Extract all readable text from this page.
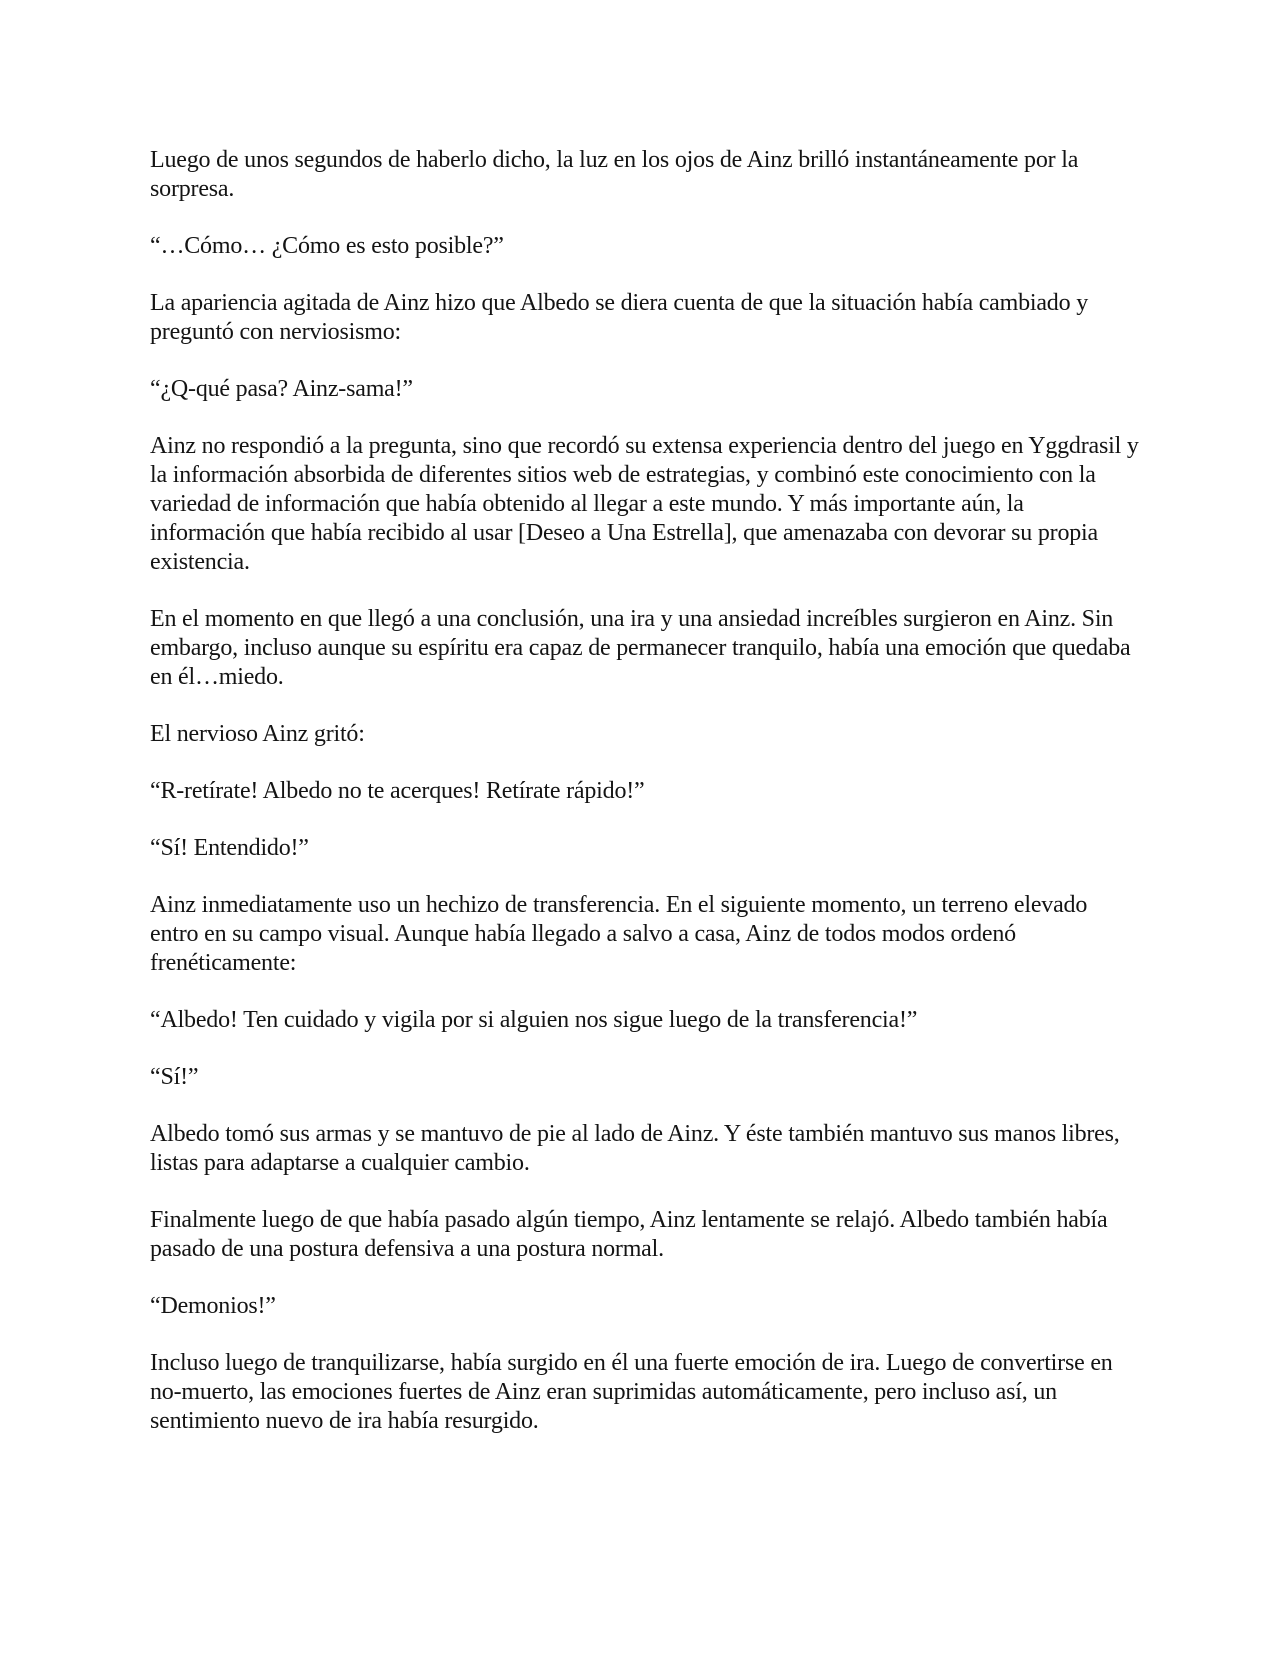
Luego de unos segundos de haberlo dicho, la luz en los ojos de Ainz brilló instantáneamente por la sorpresa.

“…Cómo… ¿Cómo es esto posible?”

La apariencia agitada de Ainz hizo que Albedo se diera cuenta de que la situación había cambiado y preguntó con nerviosismo:

“¿Q-qué pasa? Ainz-sama!”

Ainz no respondió a la pregunta, sino que recordó su extensa experiencia dentro del juego en Yggdrasil y la información absorbida de diferentes sitios web de estrategias, y combinó este conocimiento con la variedad de información que había obtenido al llegar a este mundo. Y más importante aún, la información que había recibido al usar [Deseo a Una Estrella], que amenazaba con devorar su propia existencia.

En el momento en que llegó a una conclusión, una ira y una ansiedad increíbles surgieron en Ainz. Sin embargo, incluso aunque su espíritu era capaz de permanecer tranquilo, había una emoción que quedaba en él…miedo.

El nervioso Ainz gritó:

“R-retírate! Albedo no te acerques! Retírate rápido!”

“Sí! Entendido!”

Ainz inmediatamente uso un hechizo de transferencia. En el siguiente momento, un terreno elevado entro en su campo visual. Aunque había llegado a salvo a casa, Ainz de todos modos ordenó frenéticamente:

“Albedo! Ten cuidado y vigila por si alguien nos sigue luego de la transferencia!”

“Sí!”

Albedo tomó sus armas y se mantuvo de pie al lado de Ainz. Y éste también mantuvo sus manos libres, listas para adaptarse a cualquier cambio.

Finalmente luego de que había pasado algún tiempo, Ainz lentamente se relajó. Albedo también había pasado de una postura defensiva a una postura normal.

“Demonios!”

Incluso luego de tranquilizarse, había surgido en él una fuerte emoción de ira. Luego de convertirse en no-muerto, las emociones fuertes de Ainz eran suprimidas automáticamente, pero incluso así, un sentimiento nuevo de ira había resurgido.
